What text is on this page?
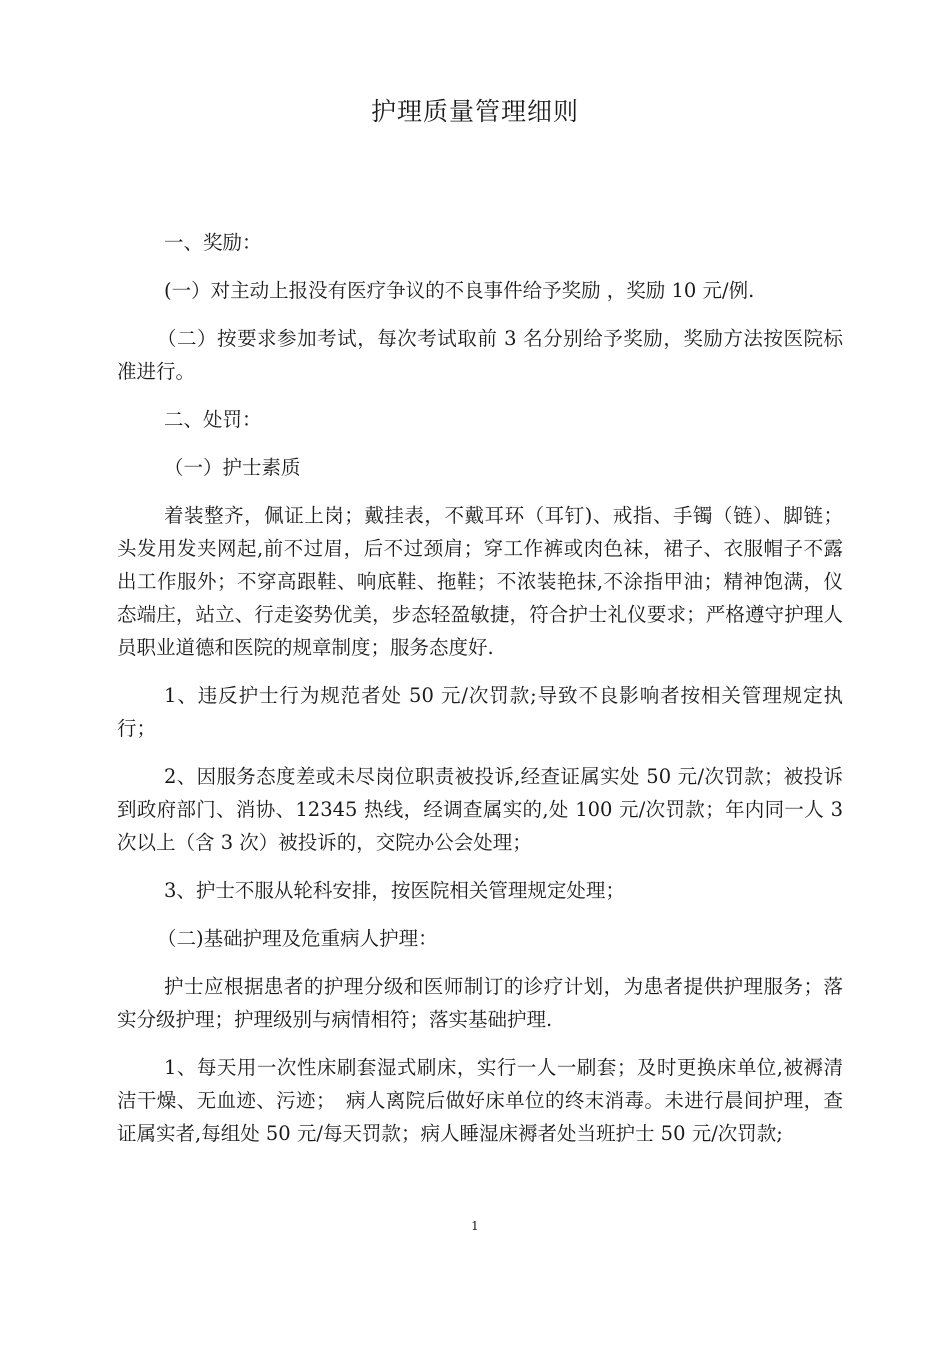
护理质量管理细则

一、奖励：

(一）对主动上报没有医疗争议的不良事件给予奖励 ，奖励 10 元/例.

（二）按要求参加考试，每次考试取前 3 名分别给予奖励，奖励方法按医院标准进行。

二、处罚：

（一）护士素质

着装整齐，佩证上岗；戴挂表，不戴耳环（耳钉)、戒指、手镯（链）、脚链；头发用发夹网起,前不过眉，后不过颈肩；穿工作裤或肉色袜，裙子、衣服帽子不露出工作服外；不穿高跟鞋、响底鞋、拖鞋；不浓装艳抹,不涂指甲油；精神饱满，仪态端庄，站立、行走姿势优美，步态轻盈敏捷，符合护士礼仪要求；严格遵守护理人员职业道德和医院的规章制度；服务态度好.

1、违反护士行为规范者处 50 元/次罚款;导致不良影响者按相关管理规定执行；

2、因服务态度差或未尽岗位职责被投诉,经查证属实处 50 元/次罚款；被投诉到政府部门、消协、12345 热线，经调查属实的,处 100 元/次罚款；年内同一人 3 次以上（含 3 次）被投诉的，交院办公会处理；

3、护士不服从轮科安排，按医院相关管理规定处理；

（二)基础护理及危重病人护理：

护士应根据患者的护理分级和医师制订的诊疗计划，为患者提供护理服务；落实分级护理；护理级别与病情相符；落实基础护理.

1、每天用一次性床刷套湿式刷床，实行一人一刷套；及时更换床单位,被褥清洁干燥、无血迹、污迹；　病人离院后做好床单位的终末消毒。未进行晨间护理，查证属实者,每组处 50 元/每天罚款；病人睡湿床褥者处当班护士 50 元/次罚款;

1
